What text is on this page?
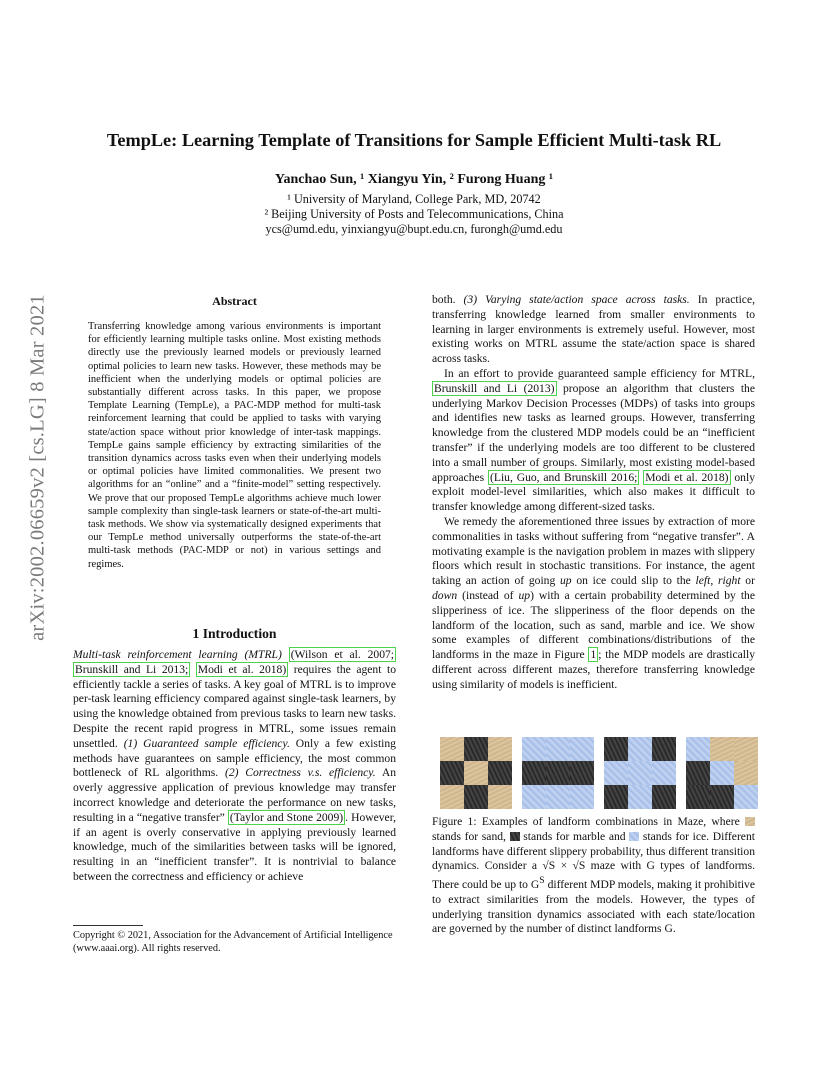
arXiv:2002.06659v2 [cs.LG] 8 Mar 2021
TempLe: Learning Template of Transitions for Sample Efficient Multi-task RL
Yanchao Sun, ¹ Xiangyu Yin, ² Furong Huang ¹
¹ University of Maryland, College Park, MD, 20742
² Beijing University of Posts and Telecommunications, China
ycs@umd.edu, yinxiangyu@bupt.edu.cn, furongh@umd.edu
Abstract
Transferring knowledge among various environments is important for efficiently learning multiple tasks online. Most existing methods directly use the previously learned models or previously learned optimal policies to learn new tasks. However, these methods may be inefficient when the underlying models or optimal policies are substantially different across tasks. In this paper, we propose Template Learning (TempLe), a PAC-MDP method for multi-task reinforcement learning that could be applied to tasks with varying state/action space without prior knowledge of inter-task mappings. TempLe gains sample efficiency by extracting similarities of the transition dynamics across tasks even when their underlying models or optimal policies have limited commonalities. We present two algorithms for an “online” and a “finite-model” setting respectively. We prove that our proposed TempLe algorithms achieve much lower sample complexity than single-task learners or state-of-the-art multi-task methods. We show via systematically designed experiments that our TempLe method universally outperforms the state-of-the-art multi-task methods (PAC-MDP or not) in various settings and regimes.
1 Introduction

Multi-task reinforcement learning (MTRL) (Wilson et al. 2007; Brunskill and Li 2013; Modi et al. 2018) requires the agent to efficiently tackle a series of tasks. A key goal of MTRL is to improve per-task learning efficiency compared against single-task learners, by using the knowledge obtained from previous tasks to learn new tasks. Despite the recent rapid progress in MTRL, some issues remain unsettled. (1) Guaranteed sample efficiency. Only a few existing methods have guarantees on sample efficiency, the most common bottleneck of RL algorithms. (2) Correctness v.s. efficiency. An overly aggressive application of previous knowledge may transfer incorrect knowledge and deteriorate the performance on new tasks, resulting in a “negative transfer” (Taylor and Stone 2009) . However, if an agent is overly conservative in applying previously learned knowledge, much of the similarities between tasks will be ignored, resulting in an “inefficient transfer”. It is nontrivial to balance between the correctness and efficiency or achieve

Copyright © 2021, Association for the Advancement of Artificial Intelligence (www.aaai.org). All rights reserved.

both. (3) Varying state/action space across tasks. In practice, transferring knowledge learned from smaller environments to learning in larger environments is extremely useful. However, most existing works on MTRL assume the state/action space is shared across tasks.

In an effort to provide guaranteed sample efficiency for MTRL, Brunskill and Li (2013) propose an algorithm that clusters the underlying Markov Decision Processes (MDPs) of tasks into groups and identifies new tasks as learned groups. However, transferring knowledge from the clustered MDP models could be an “inefficient transfer” if the underlying models are too different to be clustered into a small number of groups. Similarly, most existing model-based approaches (Liu, Guo, and Brunskill 2016; Modi et al. 2018) only exploit model-level similarities, which also makes it difficult to transfer knowledge among different-sized tasks.

We remedy the aforementioned three issues by extraction of more commonalities in tasks without suffering from “negative transfer”. A motivating example is the navigation problem in mazes with slippery floors which result in stochastic transitions. For instance, the agent taking an action of going up on ice could slip to the left, right or down (instead of up) with a certain probability determined by the slipperiness of ice. The slipperiness of the floor depends on the landform of the location, such as sand, marble and ice. We show some examples of different combinations/distributions of the landforms in the maze in Figure 1 ; the MDP models are drastically different across different mazes, therefore transferring knowledge using similarity of models is inefficient.

Figure 1: Examples of landform combinations in Maze, where  stands for sand, stands for marble and stands for ice. Different landforms have different slippery probability, thus different transition dynamics. Consider a √S × √S maze with G types of landforms. There could be up to $G^S$ different MDP models, making it prohibitive to extract similarities from the models. However, the types of underlying transition dynamics associated with each state/location are governed by the number of distinct landforms G.
